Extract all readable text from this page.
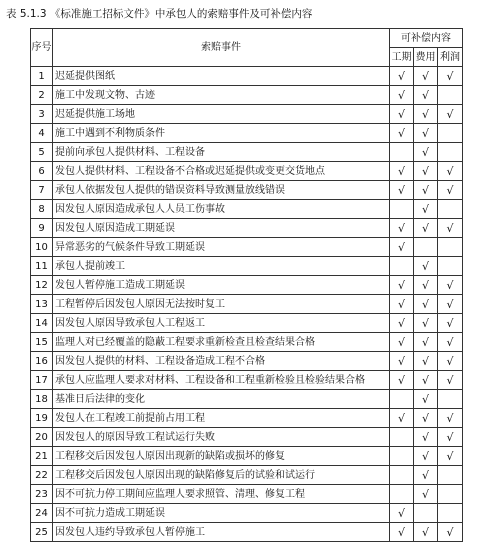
表 5.1.3 《标准施工招标文件》中承包人的索赔事件及可补偿内容
序号	索赔事件	可补偿内容		
		工期	费用	利润
1	迟延提供图纸	√	√	√
2	施工中发现文物、古迹	√	√	
3	迟延提供施工场地	√	√	√
4	施工中遇到不利物质条件	√	√	
5	提前向承包人提供材料、工程设备		√	
6	发包人提供材料、工程设备不合格或迟延提供或变更交货地点	√	√	√
7	承包人依据发包人提供的错误资料导致测量放线错误	√	√	√
8	因发包人原因造成承包人人员工伤事故		√	
9	因发包人原因造成工期延误	√	√	√
10	异常恶劣的气候条件导致工期延误	√		
11	承包人提前竣工		√	
12	发包人暂停施工造成工期延误	√	√	√
13	工程暂停后因发包人原因无法按时复工	√	√	√
14	因发包人原因导致承包人工程返工	√	√	√
15	监理人对已经覆盖的隐蔽工程要求重新检查且检查结果合格	√	√	√
16	因发包人提供的材料、工程设备造成工程不合格	√	√	√
17	承包人应监理人要求对材料、工程设备和工程重新检验且检验结果合格	√	√	√
18	基准日后法律的变化		√	
19	发包人在工程竣工前提前占用工程	√	√	√
20	因发包人的原因导致工程试运行失败		√	√
21	工程移交后因发包人原因出现新的缺陷或损坏的修复		√	√
22	工程移交后因发包人原因出现的缺陷修复后的试验和试运行		√	
23	因不可抗力停工期间应监理人要求照管、清理、修复工程		√	
24	因不可抗力造成工期延误	√		
25	因发包人违约导致承包人暂停施工	√	√	√
